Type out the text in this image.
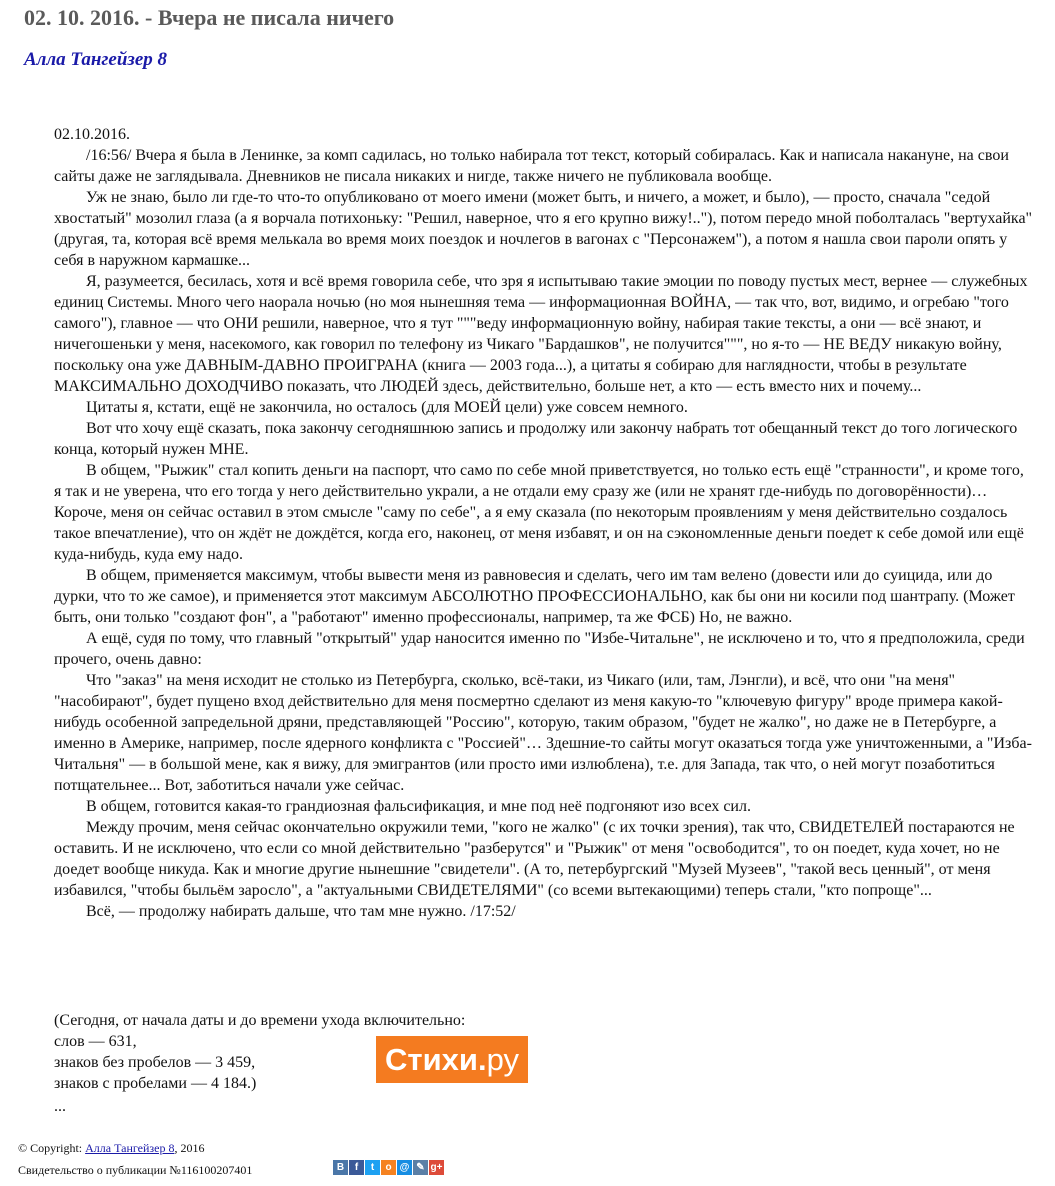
02. 10. 2016. - Вчера не писала ничего
Алла Тангейзер 8

02.10.2016.

/16:56/ Вчера я была в Ленинке, за комп садилась, но только набирала тот текст, который собиралась. Как и написала накануне, на свои сайты даже не заглядывала. Дневников не писала никаких и нигде, также ничего не публиковала вообще.

Уж не знаю, было ли где-то что-то опубликовано от моего имени (может быть, и ничего, а может, и было), — просто, сначала "седой хвостатый" мозолил глаза (а я ворчала потихоньку: "Решил, наверное, что я его крупно вижу!.."), потом передо мной поболталась "вертухайка" (другая, та, которая всё время мелькала во время моих поездок и ночлегов в вагонах с "Персонажем"), а потом я нашла свои пароли опять у себя в наружном кармашке...

Я, разумеется, бесилась, хотя и всё время говорила себе, что зря я испытываю такие эмоции по поводу пустых мест, вернее — служебных единиц Системы. Много чего наорала ночью (но моя нынешняя тема — информационная ВОЙНА, — так что, вот, видимо, и огребаю "того самого"), главное — что ОНИ решили, наверное, что я тут """веду информационную войну, набирая такие тексты, а они — всё знают, и ничегошеньки у меня, насекомого, как говорил по телефону из Чикаго "Бардашков", не получится""", но я-то — НЕ ВЕДУ никакую войну, поскольку она уже ДАВНЫМ-ДАВНО ПРОИГРАНА (книга — 2003 года...), а цитаты я собираю для наглядности, чтобы в результате МАКСИМАЛЬНО ДОХОДЧИВО показать, что ЛЮДЕЙ здесь, действительно, больше нет, а кто — есть вместо них и почему...

Цитаты я, кстати, ещё не закончила, но осталось (для МОЕЙ цели) уже совсем немного.

Вот что хочу ещё сказать, пока закончу сегодняшнюю запись и продолжу или закончу набрать тот обещанный текст до того логического конца, который нужен МНЕ.

В общем, "Рыжик" стал копить деньги на паспорт, что само по себе мной приветствуется, но только есть ещё "странности", и кроме того, я так и не уверена, что его тогда у него действительно украли, а не отдали ему сразу же (или не хранят где-нибудь по договорённости)… Короче, меня он сейчас оставил в этом смысле "саму по себе", а я ему сказала (по некоторым проявлениям у меня действительно создалось такое впечатление), что он ждёт не дождётся, когда его, наконец, от меня избавят, и он на сэкономленные деньги поедет к себе домой или ещё куда-нибудь, куда ему надо.

В общем, применяется максимум, чтобы вывести меня из равновесия и сделать, чего им там велено (довести или до суицида, или до дурки, что то же самое), и применяется этот максимум АБСОЛЮТНО ПРОФЕССИОНАЛЬНО, как бы они ни косили под шантрапу. (Может быть, они только "создают фон", а "работают" именно профессионалы, например, та же ФСБ) Но, не важно.

А ещё, судя по тому, что главный "открытый" удар наносится именно по "Избе-Читальне", не исключено и то, что я предположила, среди прочего, очень давно:

Что "заказ" на меня исходит не столько из Петербурга, сколько, всё-таки, из Чикаго (или, там, Лэнгли), и всё, что они "на меня" "насобирают", будет пущено вход действительно для меня посмертно сделают из меня какую-то "ключевую фигуру" вроде примера какой-нибудь особенной запредельной дряни, представляющей "Россию", которую, таким образом, "будет не жалко", но даже не в Петербурге, а именно в Америке, например, после ядерного конфликта с "Россией"… Здешние-то сайты могут оказаться тогда уже уничтоженными, а "Изба-Читальня" — в большой мене, как я вижу, для эмигрантов (или просто ими излюблена), т.е. для Запада, так что, о ней могут позаботиться потщательнее... Вот, заботиться начали уже сейчас.

В общем, готовится какая-то грандиозная фальсификация, и мне под неё подгоняют изо всех сил.

Между прочим, меня сейчас окончательно окружили теми, "кого не жалко" (с их точки зрения), так что, СВИДЕТЕЛЕЙ постараются не оставить. И не исключено, что если со мной действительно "разберутся" и "Рыжик" от меня "освободится", то он поедет, куда хочет, но не доедет вообще никуда. Как и многие другие нынешние "свидетели". (А то, петербургский "Музей Музеев", "такой весь ценный", от меня избавился, "чтобы быльём заросло", а "актуальными СВИДЕТЕЛЯМИ" (со всеми вытекающими) теперь стали, "кто попроще"...

Всё, — продолжу набирать дальше, что там мне нужно. /17:52/

(Сегодня, от начала даты и до времени ухода включительно:
слов — 631,
знаков без пробелов — 3 459,
знаков с пробелами — 4 184.)
...
Стихи . ру
© Copyright: Алла Тангейзер 8, 2016
Свидетельство о публикации №116100207401	В	f	t	о @ ✎ g+
